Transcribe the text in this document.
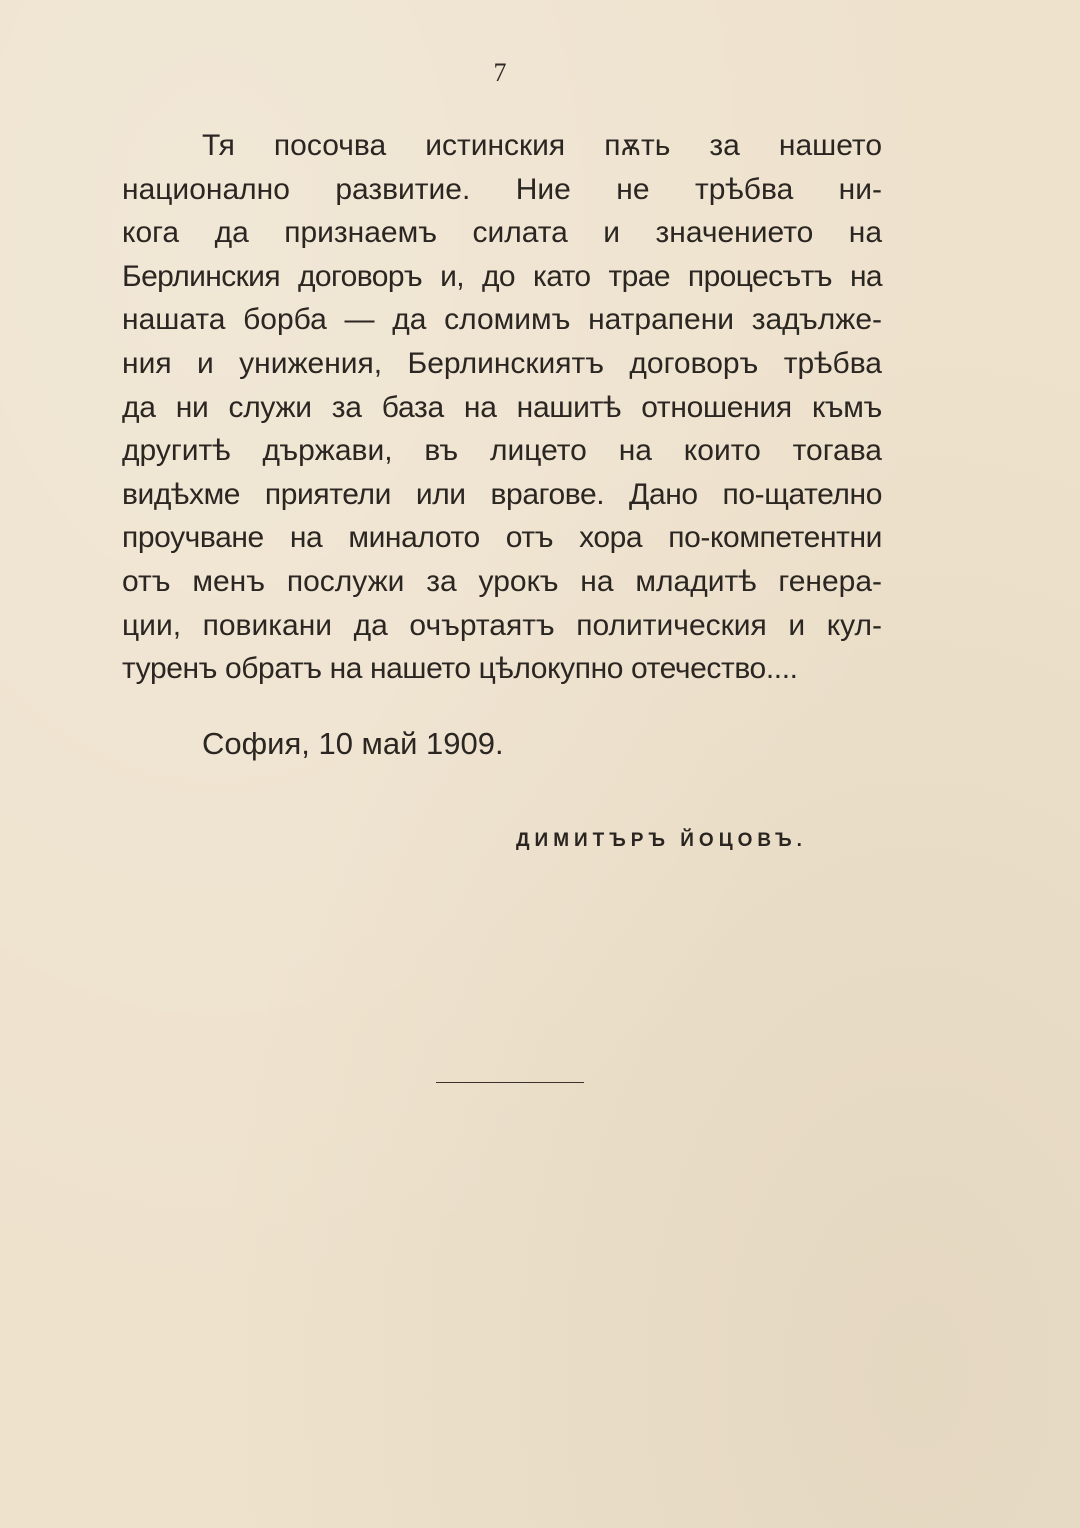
7
Тя посочва истинския пѫть за нашето
национално развитие. Ние не трѣбва ни-
кога да признаемъ силата и значението на
Берлинския договоръ и, до като трае процесътъ на
нашата борба — да сломимъ натрапени задълже-
ния и унижения, Берлинскиятъ договоръ трѣбва
да ни служи за база на нашитѣ отношения къмъ
другитѣ държави, въ лицето на които тогава
видѣхме приятели или врагове. Дано по-щателно
проучване на миналото отъ хора по-компетентни
отъ менъ послужи за урокъ на младитѣ генера-
ции, повикани да очъртаятъ политическия и кул-
туренъ обратъ на нашето цѣлокупно отечество....
София, 10 май 1909.
ДИМИТЪРЪ ЙОЦОВЪ.
